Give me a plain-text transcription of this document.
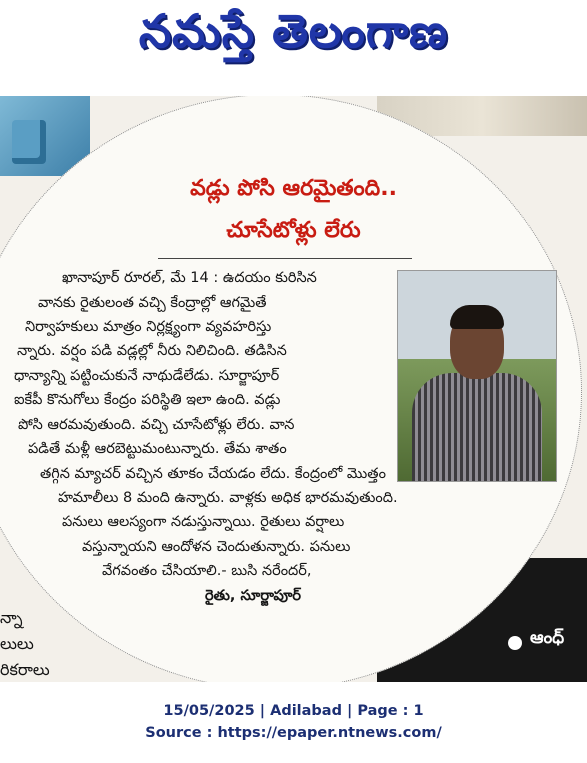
నమస్తే తెలంగాణ
ఆంధ్
న్నా
లులు
రికరాలు
వడ్లు పోసి ఆరమైతంది..
చూసేటోళ్లు లేరు
ఖానాపూర్ రూరల్, మే 14 : ఉదయం కురిసిన
వానకు రైతులంత వచ్చి కేంద్రాల్లో ఆగమైతే
నిర్వాహకులు మాత్రం నిర్లక్ష్యంగా వ్యవహరిస్తు
న్నారు. వర్షం పడి వడ్లల్లో నీరు నిలిచింది. తడిసిన
ధాన్యాన్ని పట్టించుకునే నాథుడేలేడు. సూర్జాపూర్
ఐకేపీ కొనుగోలు కేంద్రం పరిస్థితి ఇలా ఉంది. వడ్లు
పోసి ఆరమవుతుంది. వచ్చి చూసేటోళ్లు లేరు. వాన
పడితే మళ్లీ ఆరబెట్టుమంటున్నారు. తేమ శాతం
తగ్గిన మ్యాచర్ వచ్చిన తూకం చేయడం లేదు. కేంద్రంలో మొత్తం
హమాలీలు 8 మంది ఉన్నారు. వాళ్లకు అధిక భారమవుతుంది.
పనులు ఆలస్యంగా నడుస్తున్నాయి. రైతులు వర్షాలు
వస్తున్నాయని ఆందోళన చెందుతున్నారు. పనులు
వేగవంతం చేసియాలి.- బుసి నరేందర్,
రైతు, సూర్జాపూర్
15/05/2025 | Adilabad | Page : 1
Source : https://epaper.ntnews.com/
